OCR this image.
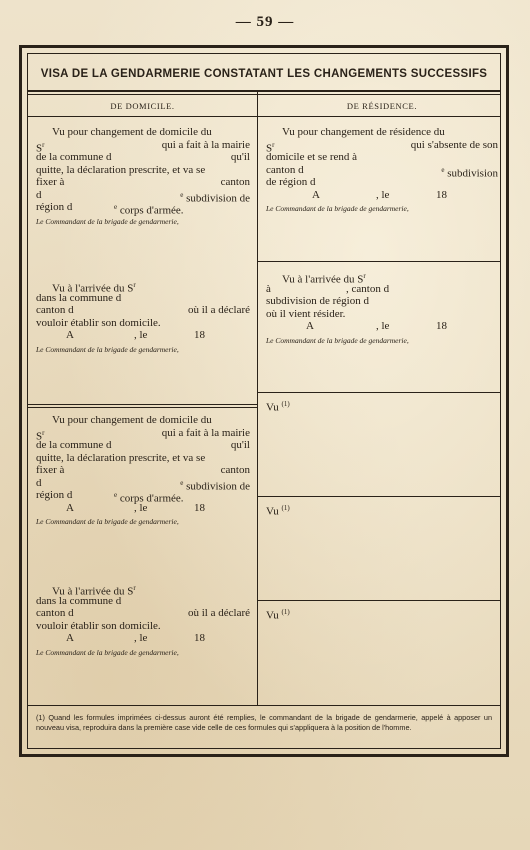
— 59 —
VISA DE LA GENDARMERIE CONSTATANT LES CHANGEMENTS SUCCESSIFS
DE DOMICILE.	DE RÉSIDENCE.
Vu pour changement de domicile du
$S^r$	qui a fait à la mairie
de la commune d	qu'il
quitte, la déclaration prescrite, et va se
fixer à	canton
d	$^e$ subdivision de
région d	$^e$ corps d'armée.
Le Commandant de la brigade de gendarmerie,
Vu à l'arrivée du $S^r$
dans la commune d
canton d	où il a déclaré
vouloir établir son domicile.
A	, le	18
Le Commandant de la brigade de gendarmerie,
Vu pour changement de domicile du
$S^r$	qui a fait à la mairie
de la commune d	qu'il
quitte, la déclaration prescrite, et va se
fixer à	canton
d	$^e$ subdivision de
région d	$^e$ corps d'armée.
A	, le	18
Le Commandant de la brigade de gendarmerie,
Vu à l'arrivée du $S^r$
dans la commune d
canton d	où il a déclaré
vouloir établir son domicile.
A	, le	18
Le Commandant de la brigade de gendarmerie,
Vu pour changement de résidence du
$S^r$	qui s'absente de son
domicile et se rend à
canton d	$^e$ subdivision
de région d
A	, le	18
Le Commandant de la brigade de gendarmerie,
Vu à l'arrivée du $S^r$
à	, canton d
subdivision de région d
où il vient résider.
A	, le	18
Le Commandant de la brigade de gendarmerie,
Vu $^{(1)}$
Vu $^{(1)}$
Vu $^{(1)}$
(1) Quand les formules imprimées ci-dessus auront été remplies, le commandant de la brigade de gendarmerie, appelé à apposer un nouveau visa, reproduira dans la première case vide celle de ces formules qui s'appliquera à la position de l'homme.
